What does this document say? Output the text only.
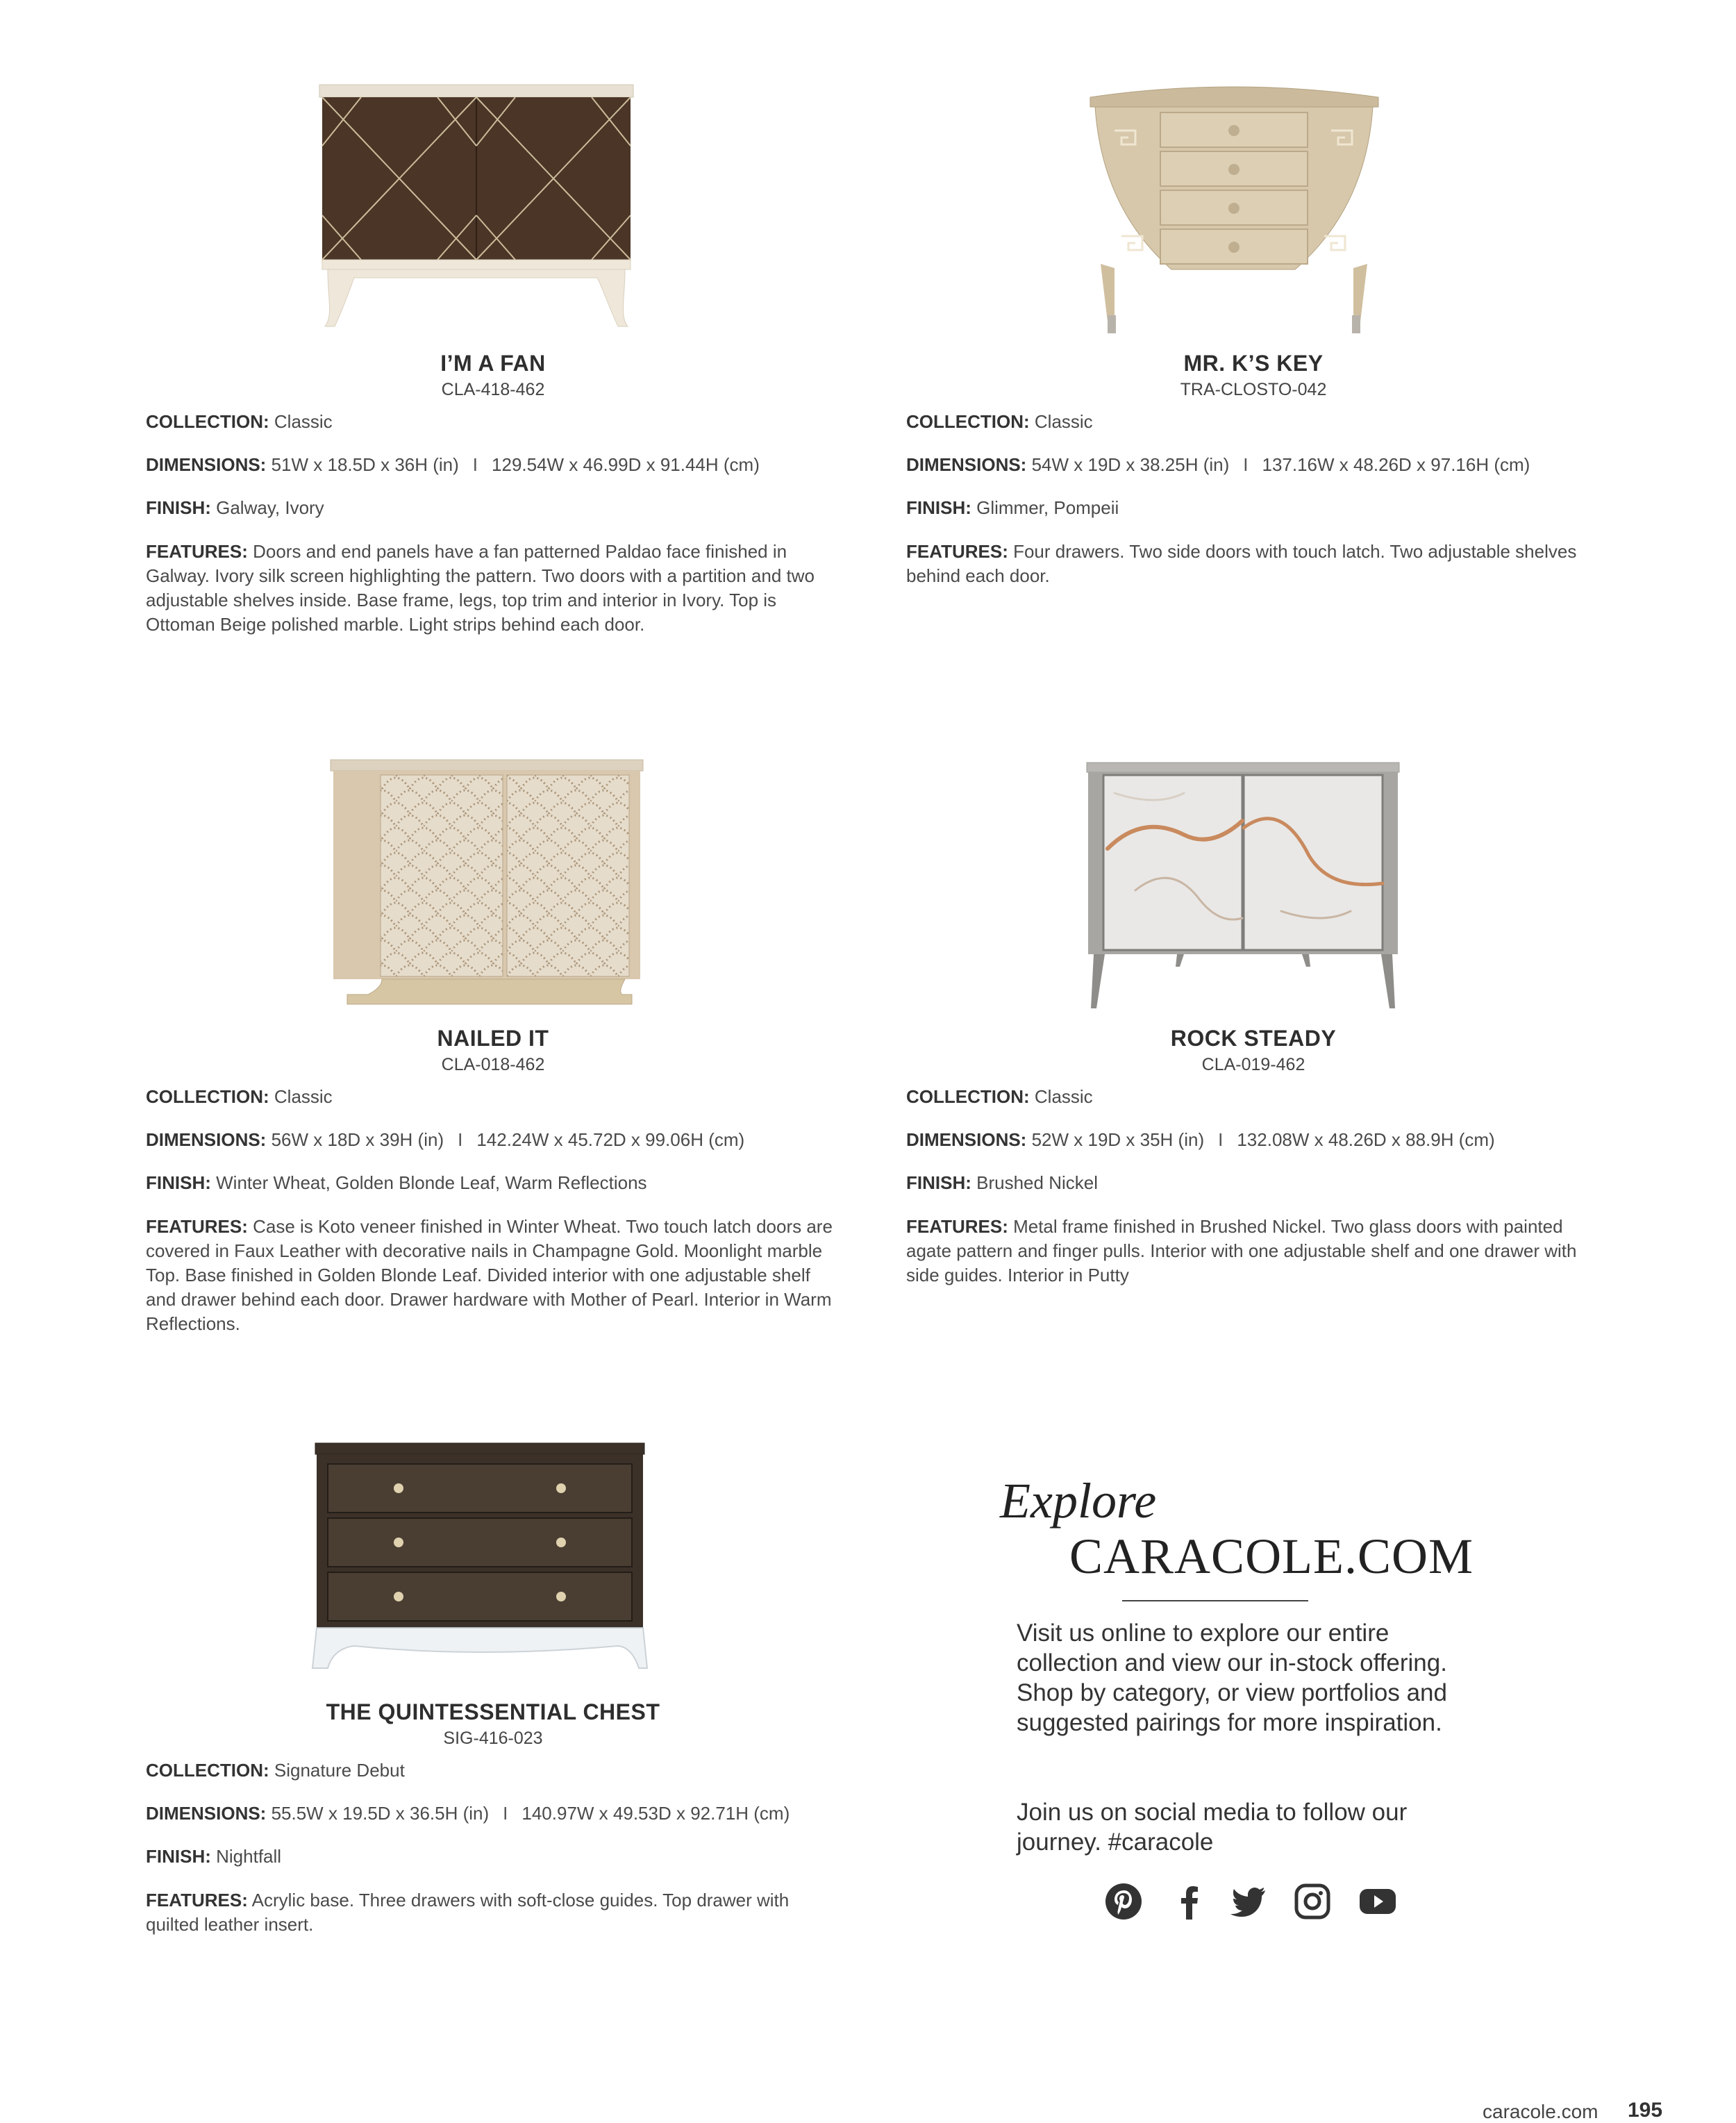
I’M A FAN
CLA-418-462
COLLECTION: Classic
DIMENSIONS: 51W x 18.5D x 36H (in) I 129.54W x 46.99D x 91.44H (cm)
FINISH: Galway, Ivory
FEATURES: Doors and end panels have a fan patterned Paldao face finished in Galway. Ivory silk screen highlighting the pattern. Two doors with a partition and two adjustable shelves inside. Base frame, legs, top trim and interior in Ivory. Top is Ottoman Beige polished marble. Light strips behind each door.
MR. K’S KEY
TRA-CLOSTO-042
COLLECTION: Classic
DIMENSIONS: 54W x 19D x 38.25H (in) I 137.16W x 48.26D x 97.16H (cm)
FINISH: Glimmer, Pompeii
FEATURES: Four drawers. Two side doors with touch latch. Two adjustable shelves behind each door.
NAILED IT
CLA-018-462
COLLECTION: Classic
DIMENSIONS: 56W x 18D x 39H (in) I 142.24W x 45.72D x 99.06H (cm)
FINISH: Winter Wheat, Golden Blonde Leaf, Warm Reflections
FEATURES: Case is Koto veneer finished in Winter Wheat. Two touch latch doors are covered in Faux Leather with decorative nails in Champagne Gold. Moonlight marble Top. Base finished in Golden Blonde Leaf. Divided interior with one adjustable shelf and drawer behind each door. Drawer hardware with Mother of Pearl. Interior in Warm Reflections.
ROCK STEADY
CLA-019-462
COLLECTION: Classic
DIMENSIONS: 52W x 19D x 35H (in) I 132.08W x 48.26D x 88.9H (cm)
FINISH: Brushed Nickel
FEATURES: Metal frame finished in Brushed Nickel. Two glass doors with painted agate pattern and finger pulls. Interior with one adjustable shelf and one drawer with side guides. Interior in Putty
THE QUINTESSENTIAL CHEST
SIG-416-023
COLLECTION: Signature Debut
DIMENSIONS: 55.5W x 19.5D x 36.5H (in) I 140.97W x 49.53D x 92.71H (cm)
FINISH: Nightfall
FEATURES: Acrylic base. Three drawers with soft-close guides. Top drawer with quilted leather insert.
Explore
CARACOLE.COM
Visit us online to explore our entire collection and view our in-stock offering. Shop by category, or view portfolios and suggested pairings for more inspiration.
Join us on social media to follow our journey. #caracole
caracole.com 195
